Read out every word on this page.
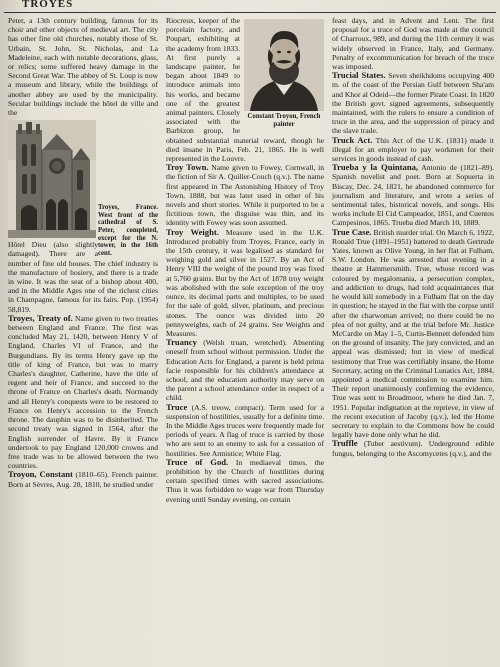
TROYES

Peter, a 13th century building, famous for its choir and other objects of medieval art. The city has other fine old churches, notably those of St. Urbain, St. John, St. Nicholas, and La Madeleine, each with notable decorations, glass, or relics; some suffered heavy damage in the Second Great War. The abbey of St. Loup is now a museum and library, while the buildings of another abbey are used by the municipality. Secular buildings include the hôtel de ville and the

Troyes, France. West front of the cathedral of S. Peter, completed, except for the N. tower, in the 16th cent.

Hôtel Dieu (also slightly damaged). There are a number of fine old houses. The chief industry is the manufacture of hosiery, and there is a trade in wine. It was the seat of a bishop about 400, and in the Middle Ages one of the richest cities in Champagne, famous for its fairs. Pop. (1954) 58,819.

Troyes, Treaty of. Name given to two treaties between England and France. The first was concluded May 21, 1420, between Henry V of England, Charles VI of France, and the Burgundians. By its terms Henry gave up the title of king of France, but was to marry Charles's daughter, Catherine, have the title of regent and heir of France, and succeed to the throne of France on Charles's death. Normandy and all Henry's conquests were to be restored to France on Henry's accession to the French throne. The dauphin was to be disinherited. The second treaty was signed in 1564, after the English surrender of Havre. By it France undertook to pay England 120,000 crowns and free trade was to be allowed between the two countries.

Troyon, Constant (1810–65). French painter. Born at Sèvres, Aug. 28, 1810, he studied under

Constant Troyon, French painter

Riocreux, keeper of the porcelain factory, and Poupart, exhibiting at the academy from 1833. At first purely a landscape painter, he began about 1849 to introduce animals into his works, and became one of the greatest animal painters. Closely associated with the Barbizon group, he obtained substantial material reward, though he died insane in Paris, Feb. 21, 1865. He is well represented in the Louvre.

Troy Town. Name given to Fowey, Cornwall, in the fiction of Sir A. Quiller-Couch (q.v.). The name first appeared in The Astonishing History of Troy Town, 1888, but was later used in other of his novels and short stories. While it purported to be a fictitious town, the disguise was thin, and its identity with Fowey was soon assumed.

Troy Weight. Measure used in the U.K. Introduced probably from Troyes, France, early in the 15th century, it was legalised as standard for weighing gold and silver in 1527. By an Act of Henry VIII the weight of the pound troy was fixed at 5,760 grains. But by the Act of 1878 troy weight was abolished with the sole exception of the troy ounce, its decimal parts and multiples, to be used for the sale of gold, silver, platinum, and precious stones. The ounce was divided into 20 pennyweights, each of 24 grains. See Weights and Measures.

Truancy (Welsh truan, wretched). Absenting oneself from school without permission. Under the Education Acts for England, a parent is held prima facie responsible for his children's attendance at school, and the education authority may serve on the parent a school attendance order in respect of a child.

Truce (A.S. treow, compact). Term used for a suspension of hostilities, usually for a definite time. In the Middle Ages truces were frequently made for periods of years. A flag of truce is carried by those who are sent to an enemy to ask for a cessation of hostilities. See Armistice; White Flag.

Truce of God. In mediaeval times, the prohibition by the Church of hostilities during certain specified times with sacred associations. Thus it was forbidden to wage war from Thursday evening until Sunday evening, on certain

feast days, and in Advent and Lent. The first proposal for a truce of God was made at the council of Charroux, 989, and during the 11th century it was widely observed in France, Italy, and Germany. Penalty of excommunication for breach of the truce was imposed.

Trucial States. Seven sheikhdoms occupying 400 m. of the coast of the Persian Gulf between Sha'am and Khor al Odeid—the former Pirate Coast. In 1820 the British govt. signed agreements, subsequently maintained, with the rulers to ensure a condition of truce in the area, and the suppression of piracy and the slave trade.

Truck Act. This Act of the U.K. (1831) made it illegal for an employer to pay workmen for their services in goods instead of cash.

Trueba y la Quintana, Antonio de (1821–89). Spanish novelist and poet. Born at Sopuerta in Biscay, Dec. 24, 1821, he abandoned commerce for journalism and literature, and wrote a series of sentimental tales, historical novels, and songs. His works include El Cid Campeador, 1851, and Cuentos Campesinos, 1865. Trueba died March 10, 1889.

True Case. British murder trial. On March 6, 1922, Ronald True (1891–1951) battered to death Gertrude Yates, known as Olive Young, in her flat at Fulham, S.W. London. He was arrested that evening in a theatre at Hammersmith. True, whose record was coloured by megalomania, a persecution complex, and addiction to drugs, had told acquaintances that he would kill somebody in a Fulham flat on the day in question; he stayed in the flat with the corpse until after the charwoman arrived; no there could be no plea of not guilty, and at the trial before Mr. Justice McCardie on May 1–5, Curtis-Bennett defended him on the ground of insanity. The jury convicted, and an appeal was dismissed; but in view of medical testimony that True was certifiably insane, the Home Secretary, acting on the Criminal Lunatics Act, 1884, appointed a medical commission to examine him. Their report unanimously confirming the evidence, True was sent to Broadmoor, where he died Jan. 7, 1951. Popular indignation at the reprieve, in view of the recent execution of Jacoby (q.v.), led the Home secretary to explain to the Commons how he could legally have done only what he did.

Truffle (Tuber aestivum). Underground edible fungus, belonging to the Ascomycetes (q.v.), and the
